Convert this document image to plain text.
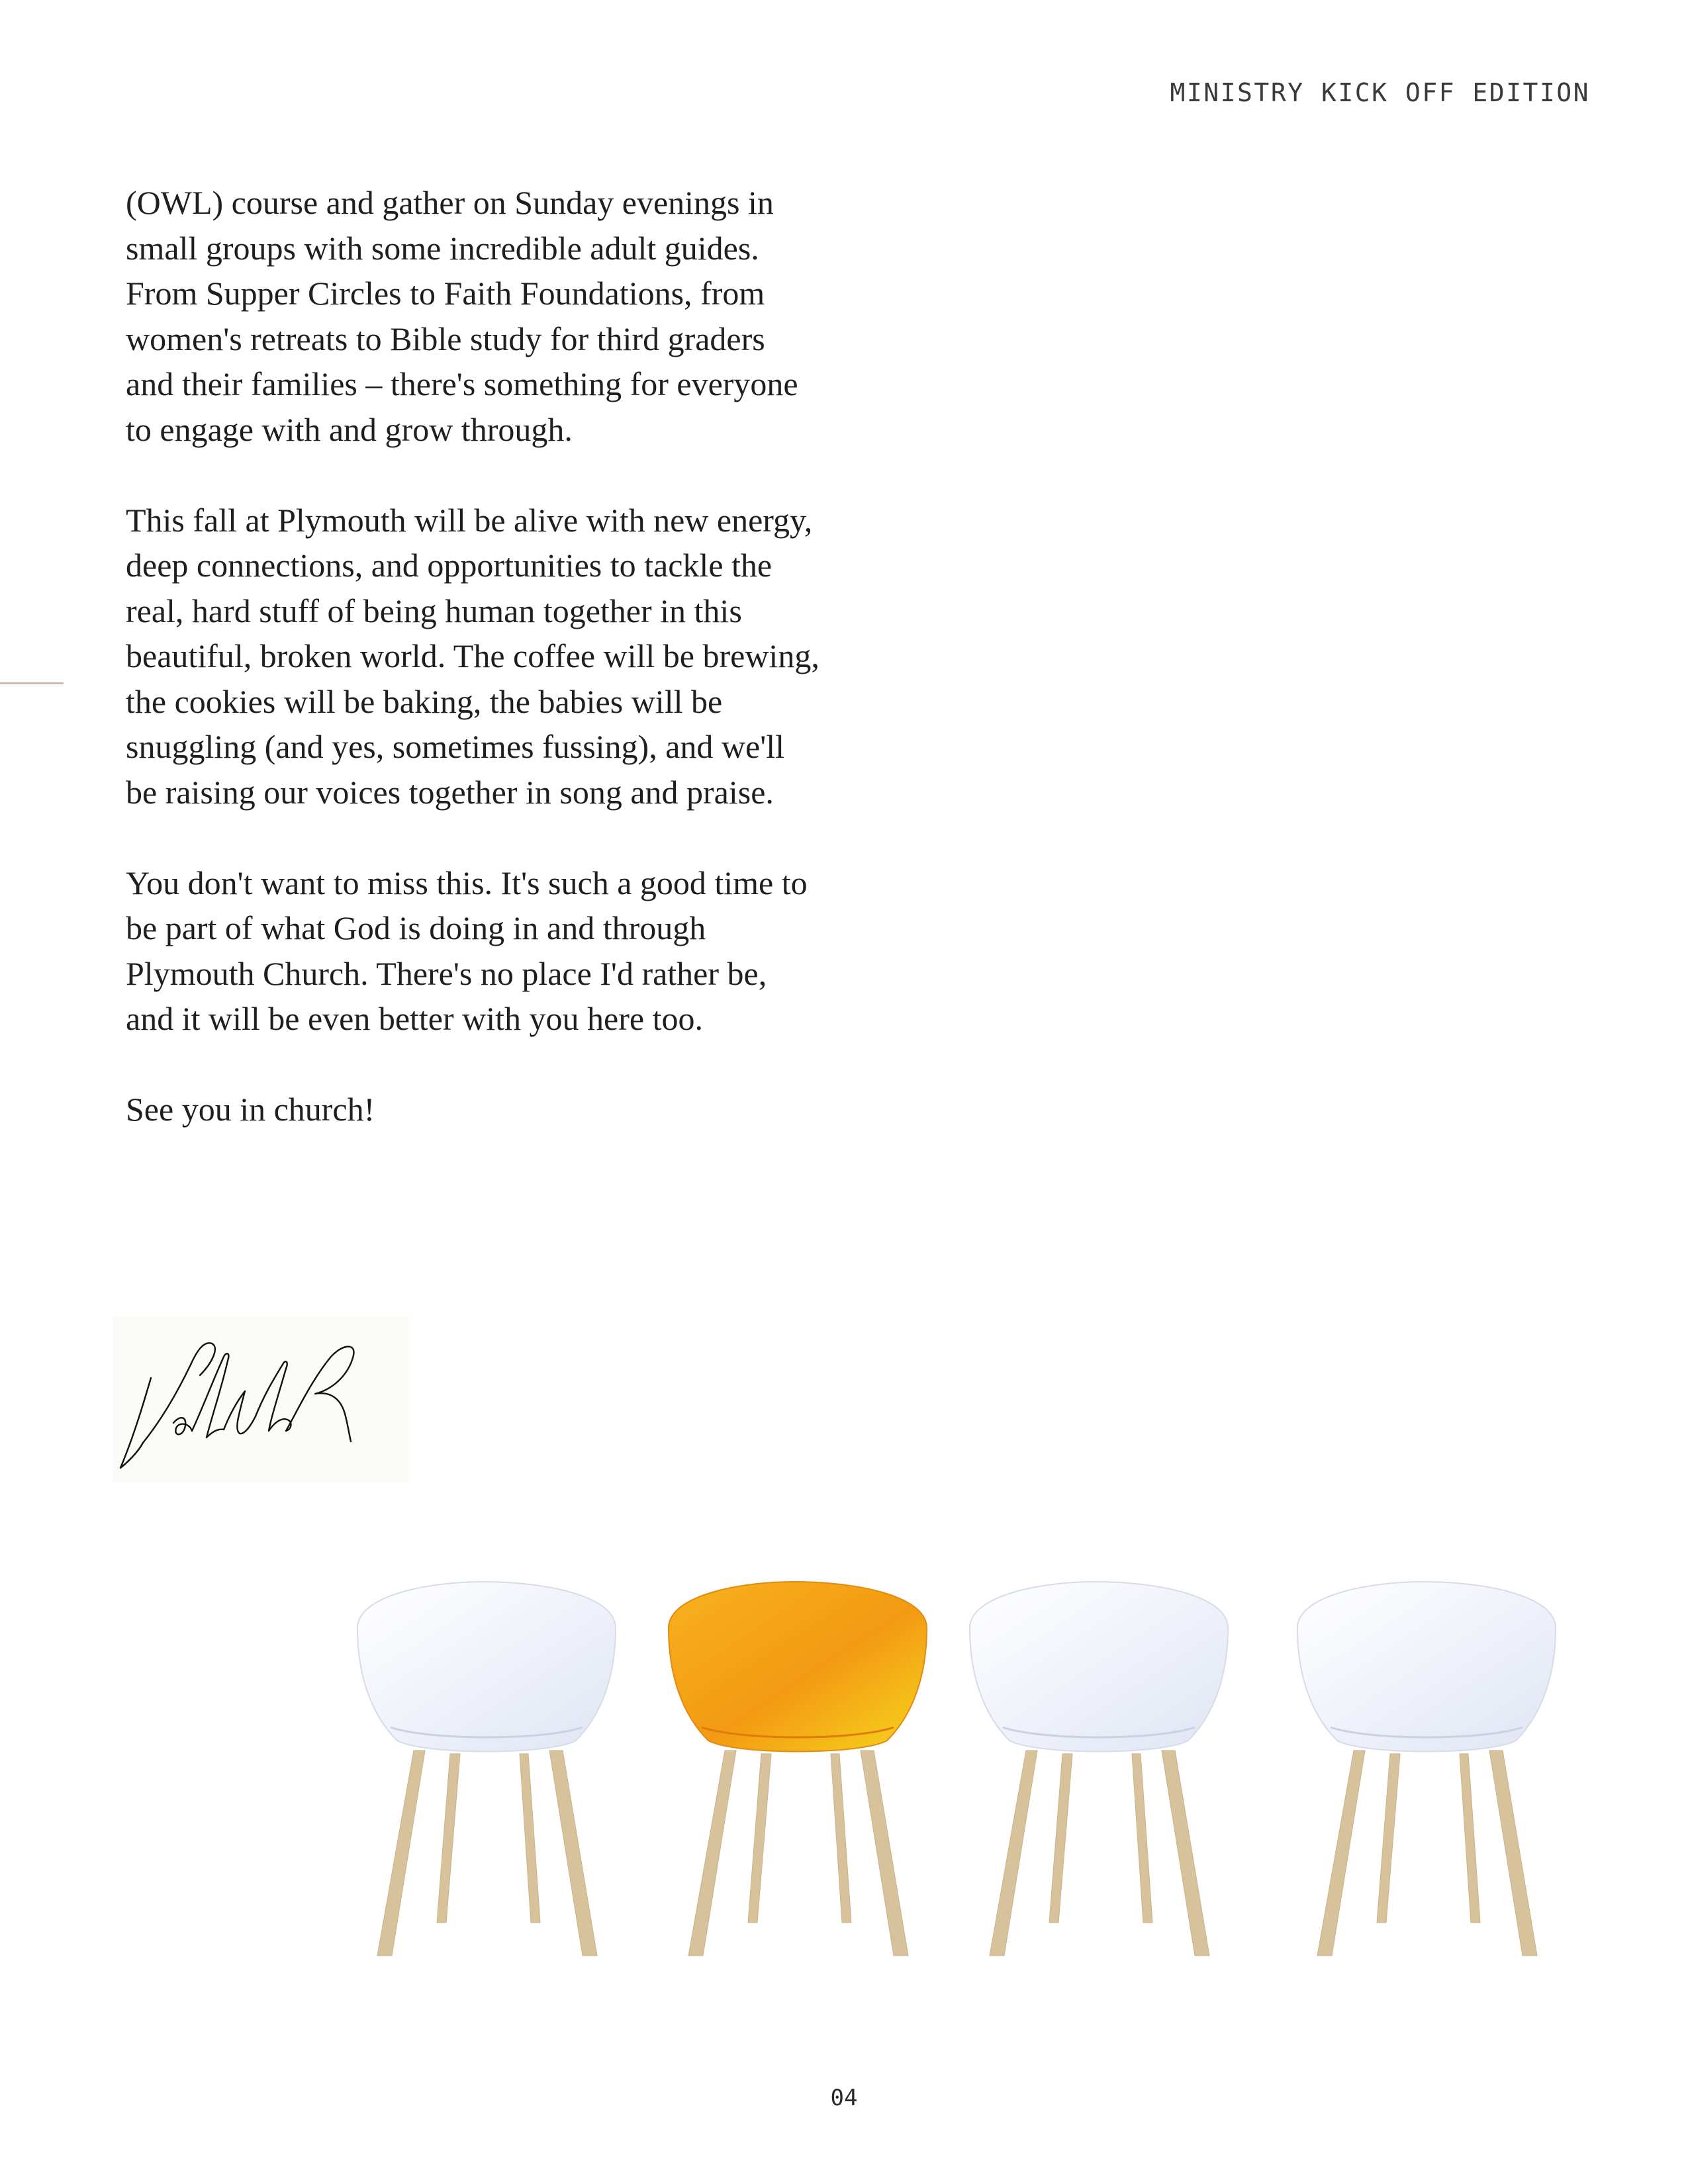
MINISTRY KICK OFF EDITION

(OWL) course and gather on Sunday evenings in small groups with some incredible adult guides. From Supper Circles to Faith Foundations, from women's retreats to Bible study for third graders and their families – there's something for everyone to engage with and grow through.

This fall at Plymouth will be alive with new energy, deep connections, and opportunities to tackle the real, hard stuff of being human together in this beautiful, broken world. The coffee will be brewing, the cookies will be baking, the babies will be snuggling (and yes, sometimes fussing), and we'll be raising our voices together in song and praise.

You don't want to miss this. It's such a good time to be part of what God is doing in and through Plymouth Church. There's no place I'd rather be, and it will be even better with you here too.

See you in church!

04
